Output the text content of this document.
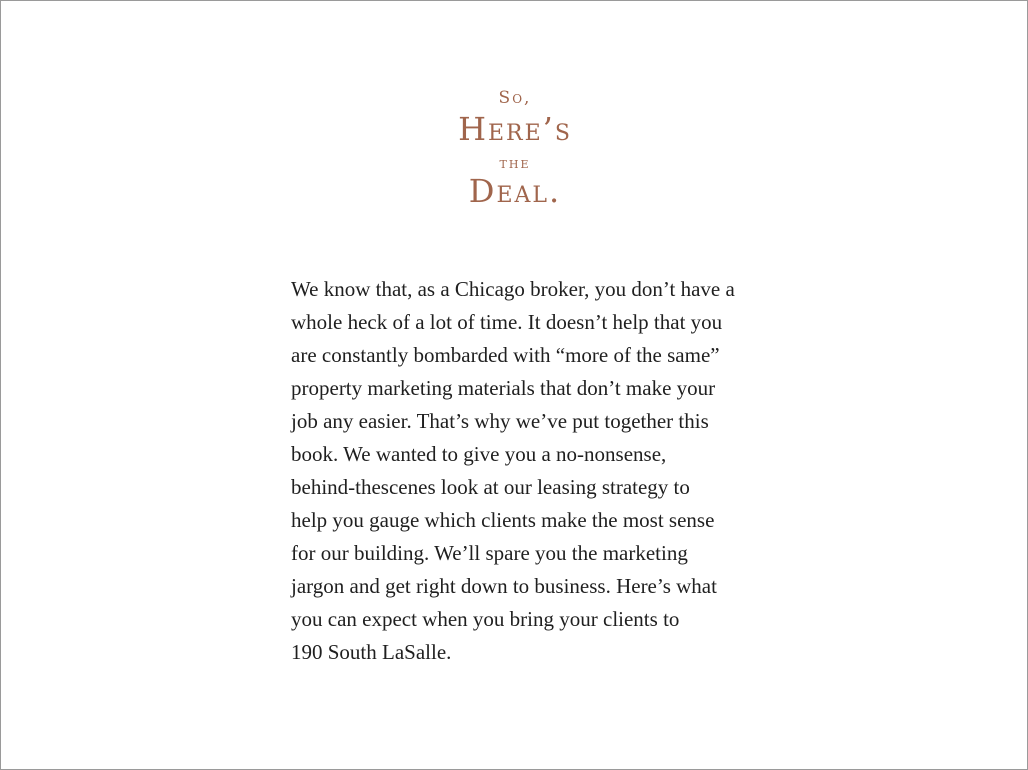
So,
Here’s
the
Deal.

We know that, as a Chicago broker, you don’t have a
whole heck of a lot of time. It doesn’t help that you
are constantly bombarded with “more of the same”
property marketing materials that don’t make your
job any easier. That’s why we’ve put together this
book. We wanted to give you a no-nonsense,
behind-thescenes look at our leasing strategy to
help you gauge which clients make the most sense
for our building. We’ll spare you the marketing
jargon and get right down to business. Here’s what
you can expect when you bring your clients to
190 South LaSalle.
